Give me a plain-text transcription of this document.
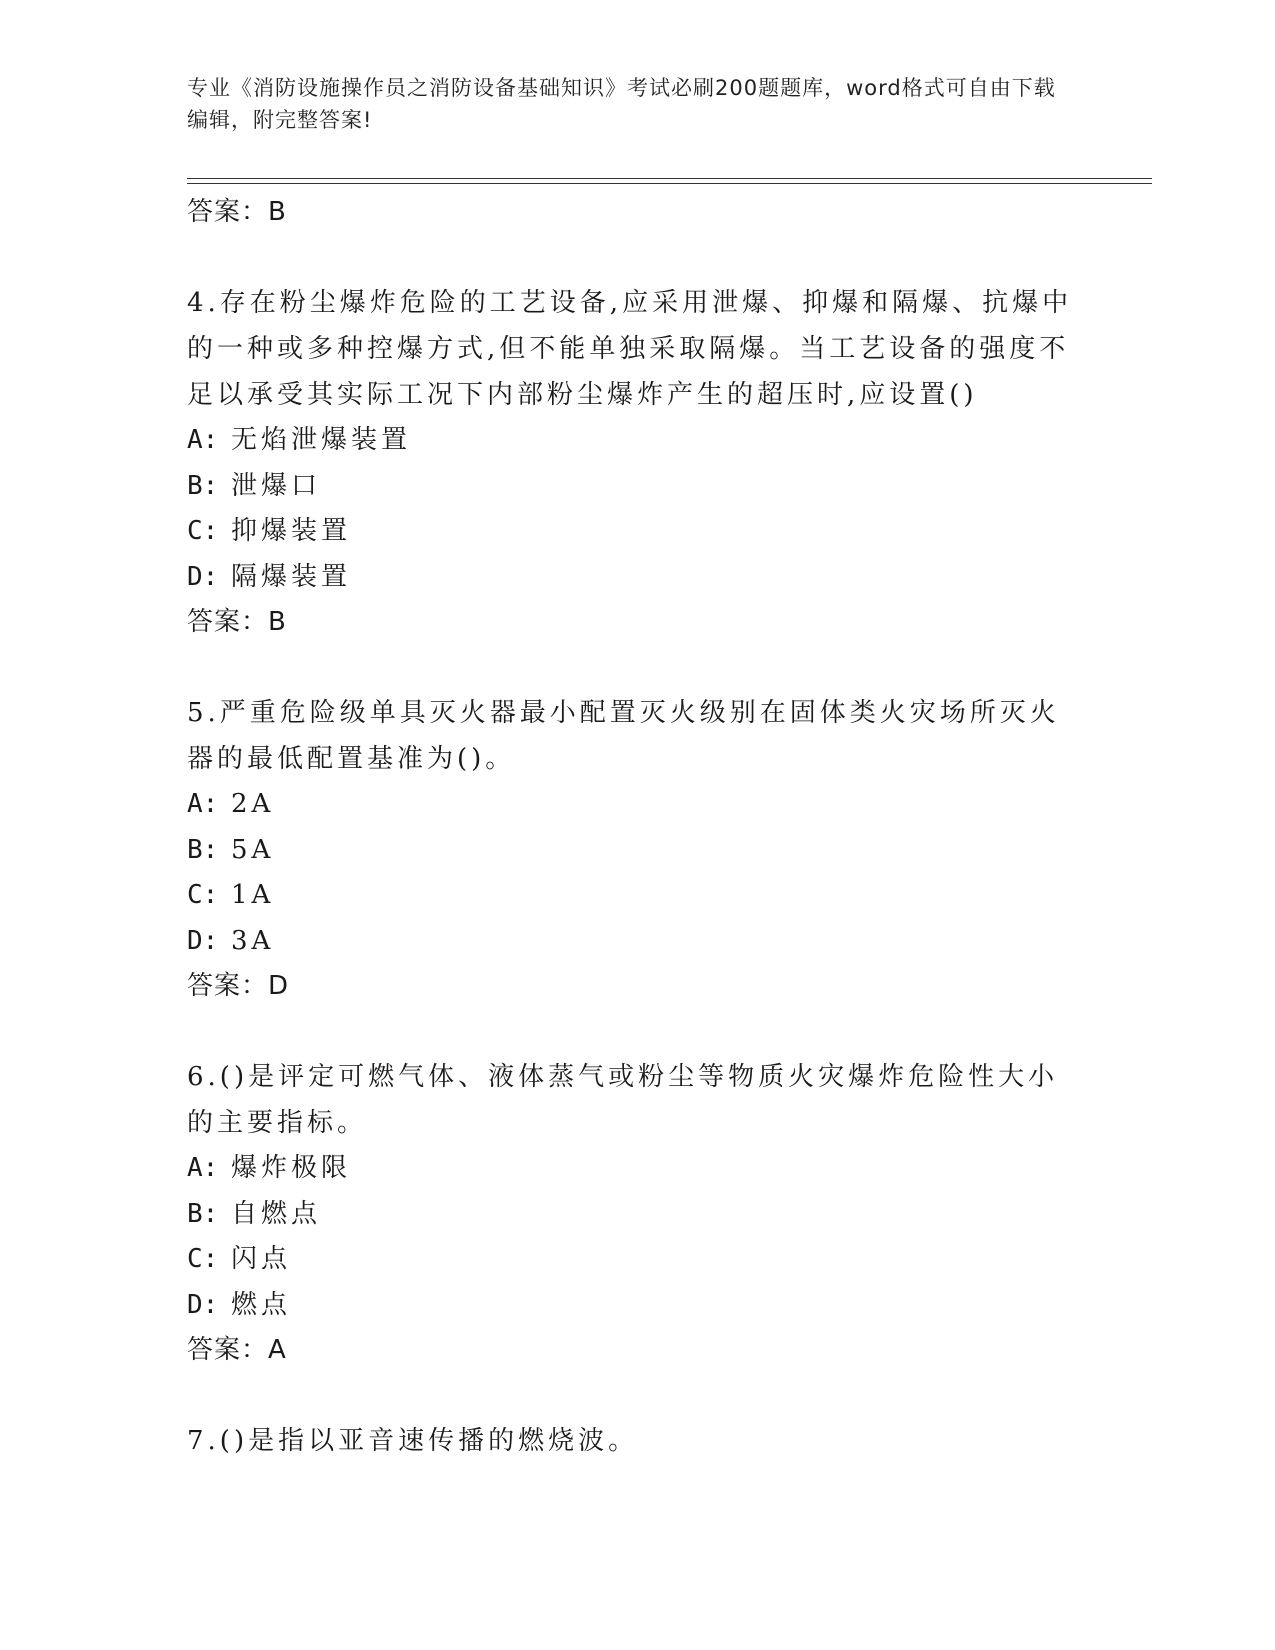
专业《消防设施操作员之消防设备基础知识》考试必刷200题题库，word格式可自由下载编辑，附完整答案!
答案：B
4.存在粉尘爆炸危险的工艺设备,应采用泄爆、抑爆和隔爆、抗爆中的一种或多种控爆方式,但不能单独采取隔爆。当工艺设备的强度不足以承受其实际工况下内部粉尘爆炸产生的超压时,应设置()
A: 无焰泄爆装置
B: 泄爆口
C: 抑爆装置
D: 隔爆装置
答案：B
5.严重危险级单具灭火器最小配置灭火级别在固体类火灾场所灭火器的最低配置基准为()。
A: 2A
B: 5A
C: 1A
D: 3A
答案：D
6.()是评定可燃气体、液体蒸气或粉尘等物质火灾爆炸危险性大小的主要指标。
A: 爆炸极限
B: 自燃点
C: 闪点
D: 燃点
答案：A
7.()是指以亚音速传播的燃烧波。
